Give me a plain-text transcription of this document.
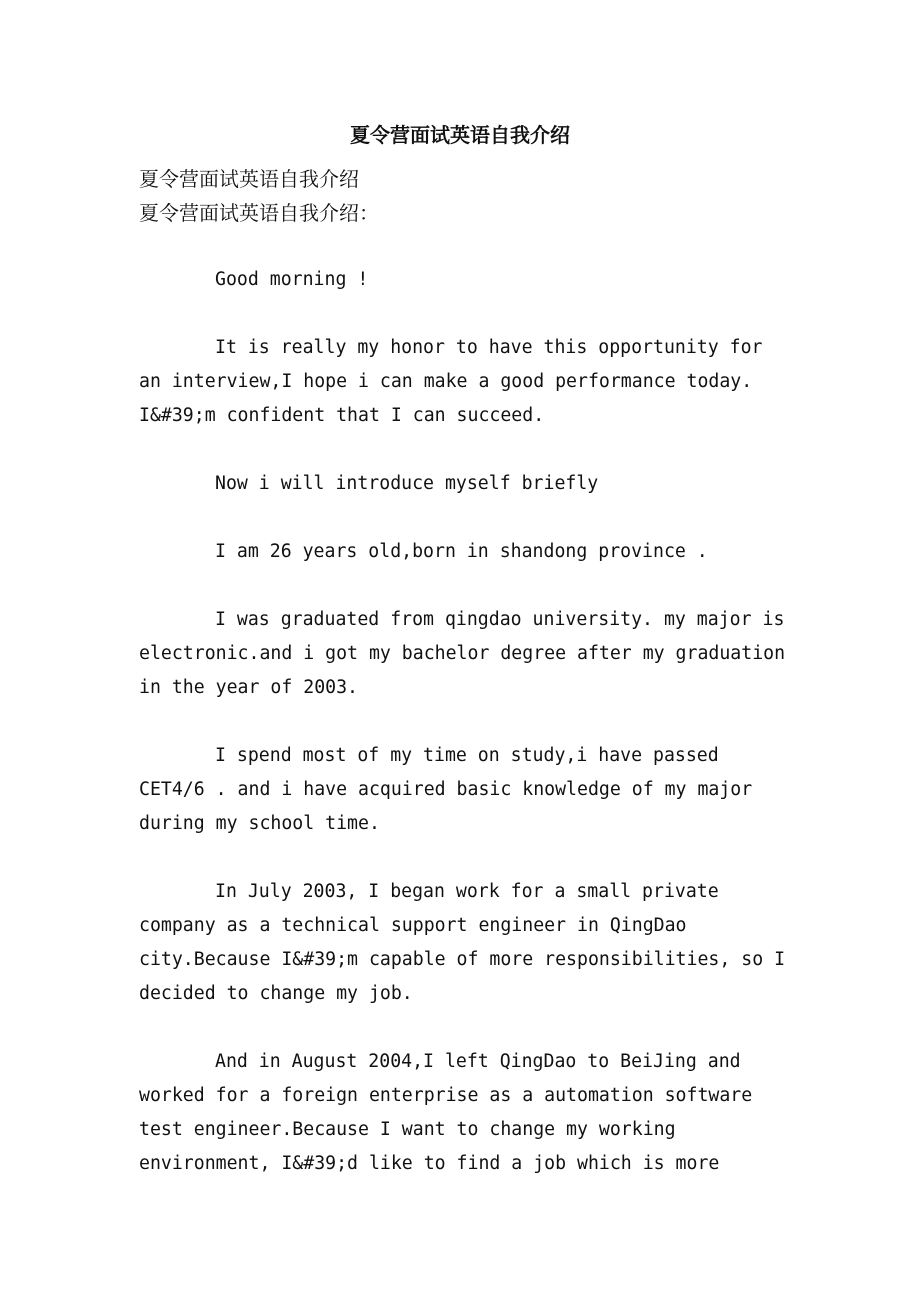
夏令营面试英语自我介绍

夏令营面试英语自我介绍

夏令营面试英语自我介绍：

Good morning !

It is really my honor to have this opportunity for
an interview,I hope i can make a good performance today.
I&#39;m confident that I can succeed.

Now i will introduce myself briefly

I am 26 years old,born in shandong province .

I was graduated from qingdao university. my major is
electronic.and i got my bachelor degree after my graduation
in the year of 2003.

I spend most of my time on study,i have passed
CET4/6 . and i have acquired basic knowledge of my major
during my school time.

In July 2003, I began work for a small private
company as a technical support engineer in QingDao
city.Because I&#39;m capable of more responsibilities, so I
decided to change my job.

And in August 2004,I left QingDao to BeiJing and
worked for a foreign enterprise as a automation software
test engineer.Because I want to change my working
environment, I&#39;d like to find a job which is more
